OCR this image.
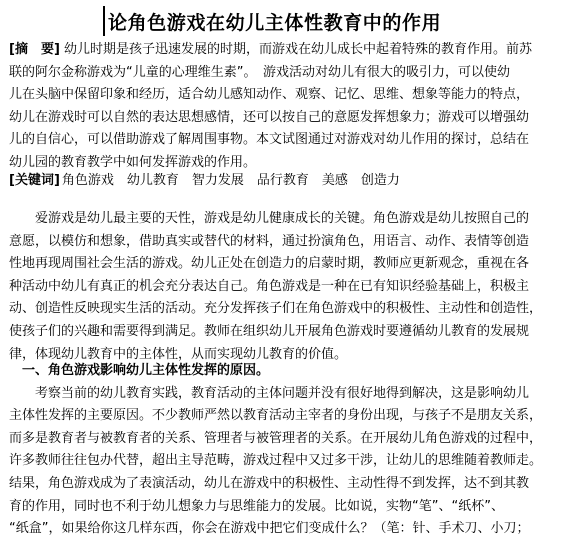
论角色游戏在幼儿主体性教育中的作用
[摘　要] 幼儿时期是孩子迅速发展的时期，而游戏在幼儿成长中起着特殊的教育作用。前苏
联的阿尔金称游戏为“儿童的心理维生素”。　游戏活动对幼儿有很大的吸引力，可以使幼
儿在头脑中保留印象和经历，适合幼儿感知动作、观察、记忆、思维、想象等能力的特点，
幼儿在游戏时可以自然的表达思想感情，还可以按自己的意愿发挥想象力；游戏可以增强幼
儿的自信心，可以借助游戏了解周围事物。本文试图通过对游戏对幼儿作用的探讨，总结在
幼儿园的教育教学中如何发挥游戏的作用。
[关键词] 角色游戏　幼儿教育　智力发展　品行教育　美感　创造力
　　爱游戏是幼儿最主要的天性，游戏是幼儿健康成长的关键。角色游戏是幼儿按照自己的
意愿，以模仿和想象，借助真实或替代的材料，通过扮演角色，用语言、动作、表情等创造
性地再现周围社会生活的游戏。幼儿正处在创造力的启蒙时期，教师应更新观念，重视在各
种活动中幼儿有真正的机会充分表达自己。角色游戏是一种在已有知识经验基础上，积极主
动、创造性反映现实生活的活动。充分发挥孩子们在角色游戏中的积极性、主动性和创造性，
使孩子们的兴趣和需要得到满足。教师在组织幼儿开展角色游戏时要遵循幼儿教育的发展规
律，体现幼儿教育中的主体性，从而实现幼儿教育的价值。
　一、角色游戏影响幼儿主体性发挥的原因。
　　考察当前的幼儿教育实践，教育活动的主体问题并没有很好地得到解决，这是影响幼儿
主体性发挥的主要原因。不少教师严然以教育活动主宰者的身份出现，与孩子不是朋友关系，
而多是教育者与被教育者的关系、管理者与被管理者的关系。在开展幼儿角色游戏的过程中，
许多教师往往包办代替，超出主导范畴，游戏过程中又过多干涉，让幼儿的思维随着教师走。
结果，角色游戏成为了表演活动，幼儿在游戏中的积极性、主动性得不到发挥，达不到其教
育的作用，同时也不利于幼儿想象力与思维能力的发展。比如说，实物“笔”、“纸杯”、
“纸盒”，如果给你这几样东西，你会在游戏中把它们变成什么？（笔：针、手术刀、小刀；
